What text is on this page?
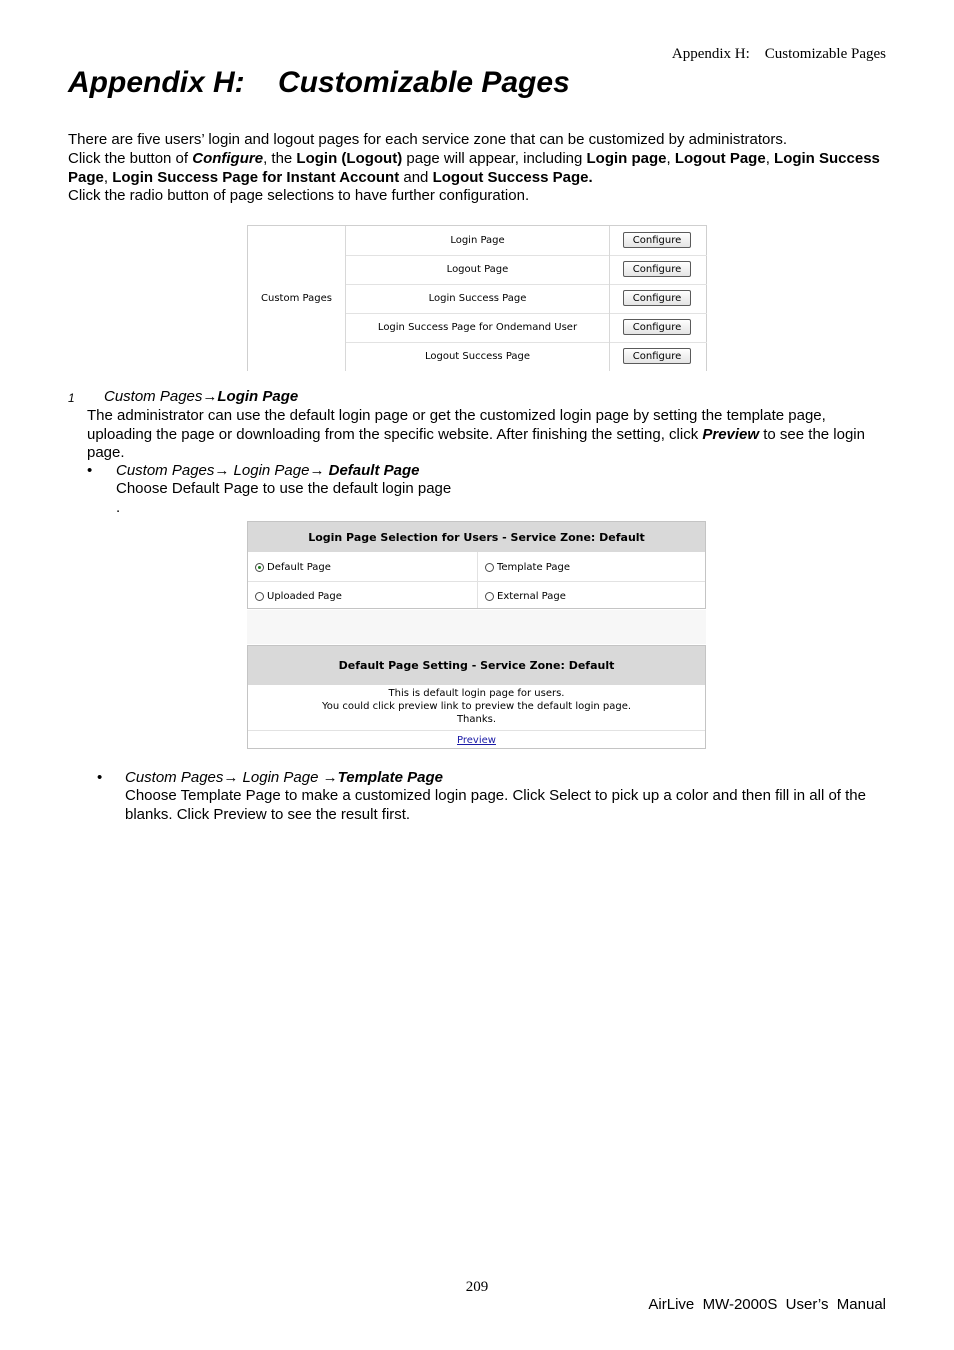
Appendix H:    Customizable Pages
Appendix H:    Customizable Pages
There are five users’ login and logout pages for each service zone that can be customized by administrators.
Click the button of Configure, the Login (Logout) page will appear, including Login page, Logout Page, Login Success Page, Login Success Page for Instant Account and Logout Success Page.
Click the radio button of page selections to have further configuration.
Custom Pages
Login Page	Configure
Logout Page	Configure
Login Success Page	Configure
Login Success Page for Ondemand User	Configure
Logout Success Page	Configure
1 Custom Pages→Login Page
The administrator can use the default login page or get the customized login page by setting the template page, uploading the page or downloading from the specific website. After finishing the setting, click Preview to see the login page.
• Custom Pages→ Login Page→ Default Page
Choose Default Page to use the default login page
.
Login Page Selection for Users - Service Zone: Default
Default Page	Template Page
Uploaded Page	External Page
Default Page Setting - Service Zone: Default
This is default login page for users.
You could click preview link to preview the default login page.
Thanks.
Preview
• Custom Pages→ Login Page →Template Page
Choose Template Page to make a customized login page. Click Select to pick up a color and then fill in all of the blanks. Click Preview to see the result first.
209
AirLive  MW-2000S  User’s  Manual
